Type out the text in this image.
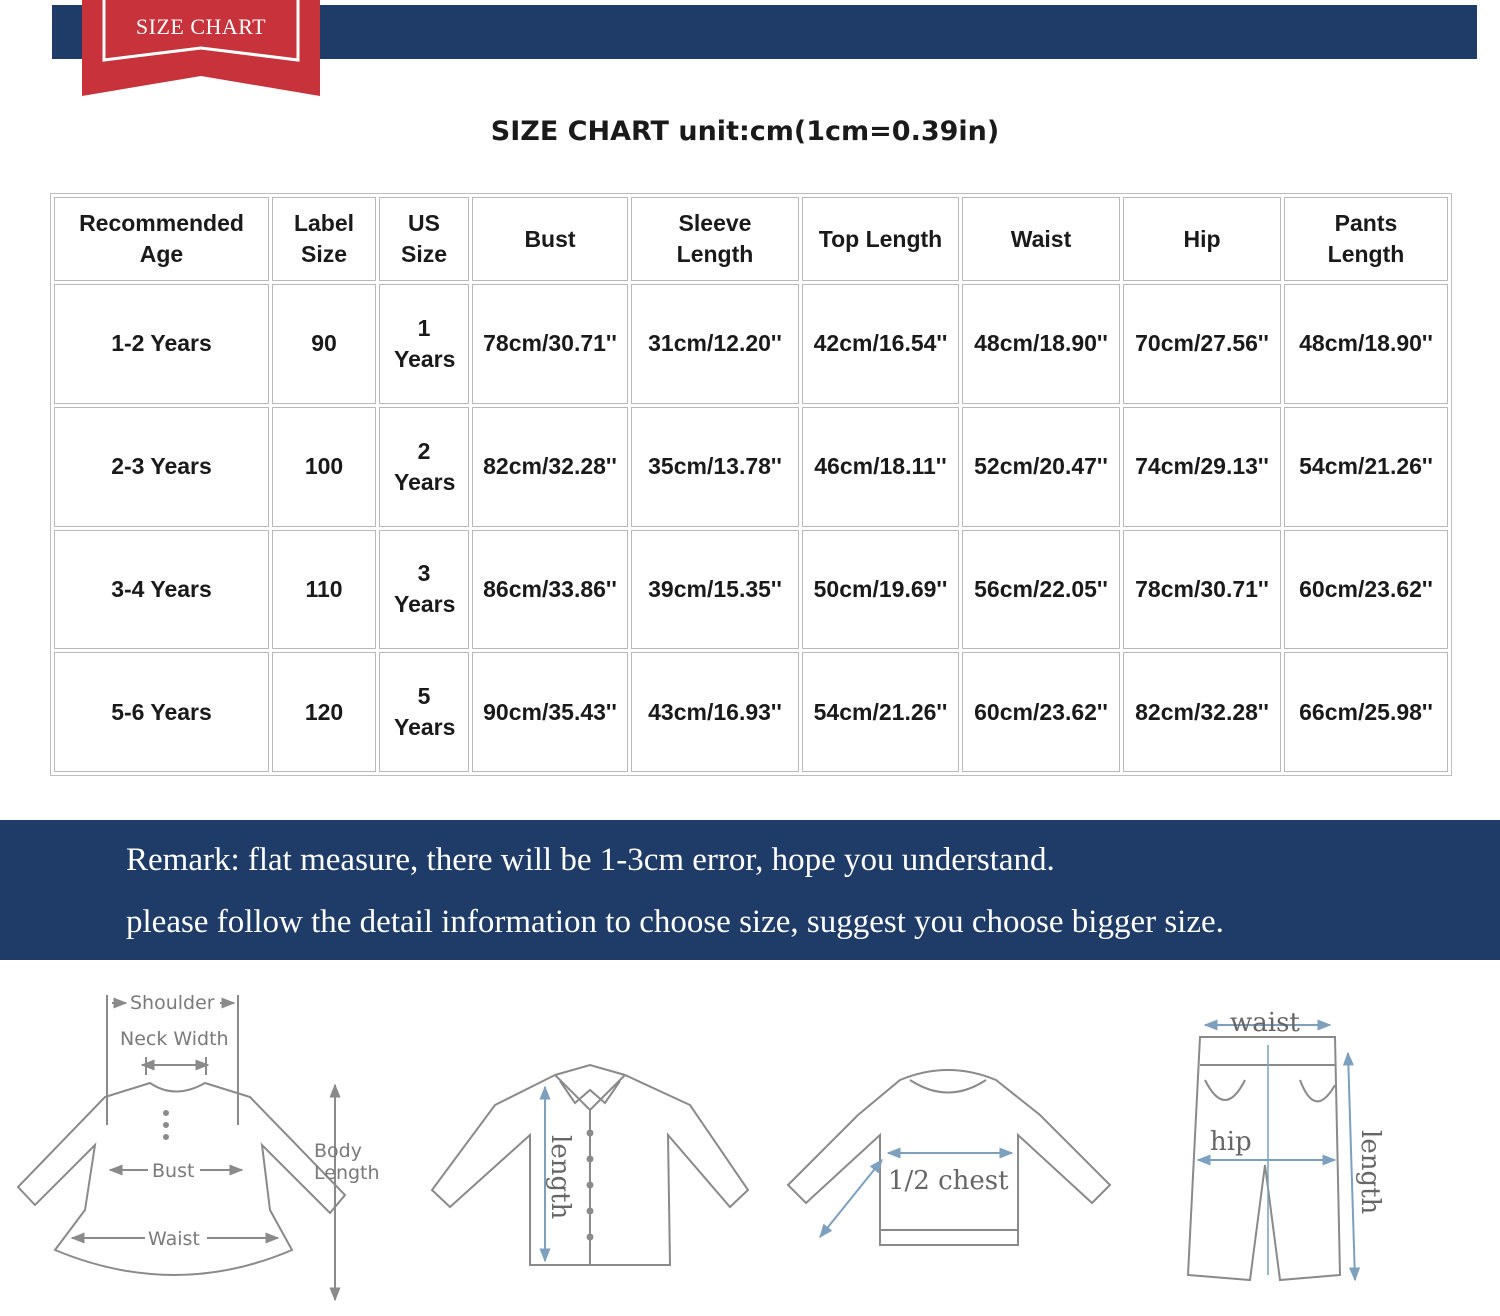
SIZE CHART
SIZE CHART unit:cm(1cm=0.39in)
Recommended Age	Label Size	US Size	Bust	Sleeve Length	Top Length	Waist	Hip	Pants Length
1-2 Years	90	1 Years	78cm/30.71''	31cm/12.20''	42cm/16.54''	48cm/18.90''	70cm/27.56''	48cm/18.90''
2-3 Years	100	2 Years	82cm/32.28''	35cm/13.78''	46cm/18.11''	52cm/20.47''	74cm/29.13''	54cm/21.26''
3-4 Years	110	3 Years	86cm/33.86''	39cm/15.35''	50cm/19.69''	56cm/22.05''	78cm/30.71''	60cm/23.62''
5-6 Years	120	5 Years	90cm/35.43''	43cm/16.93''	54cm/21.26''	60cm/23.62''	82cm/32.28''	66cm/25.98''
Remark: flat measure, there will be 1-3cm error, hope you understand.
please follow the detail information to choose size, suggest you choose bigger size.
Shoulder
Neck Width
Body
Length
Bust
Waist
length	1/2 chest
waist
hip	length
